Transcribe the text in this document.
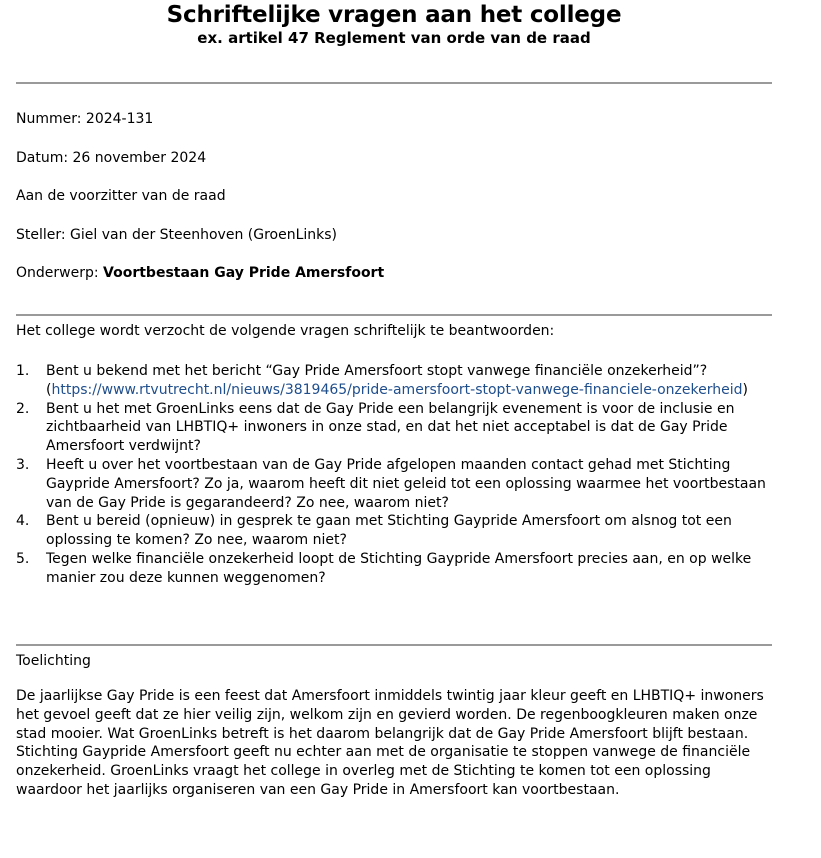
Schriftelijke vragen aan het college
ex. artikel 47 Reglement van orde van de raad
Nummer: 2024-131
Datum: 26 november 2024
Aan de voorzitter van de raad
Steller: Giel van der Steenhoven (GroenLinks)
Onderwerp: Voortbestaan Gay Pride Amersfoort
Het college wordt verzocht de volgende vragen schriftelijk te beantwoorden:
1. Bent u bekend met het bericht “Gay Pride Amersfoort stopt vanwege financiële onzekerheid”?
(https://www.rtvutrecht.nl/nieuws/3819465/pride-amersfoort-stopt-vanwege-financiele-onzekerheid)
2. Bent u het met GroenLinks eens dat de Gay Pride een belangrijk evenement is voor de inclusie en zichtbaarheid van LHBTIQ+ inwoners in onze stad, en dat het niet acceptabel is dat de Gay Pride Amersfoort verdwijnt?
3. Heeft u over het voortbestaan van de Gay Pride afgelopen maanden contact gehad met Stichting Gaypride Amersfoort? Zo ja, waarom heeft dit niet geleid tot een oplossing waarmee het voortbestaan van de Gay Pride is gegarandeerd? Zo nee, waarom niet?
4. Bent u bereid (opnieuw) in gesprek te gaan met Stichting Gaypride Amersfoort om alsnog tot een oplossing te komen? Zo nee, waarom niet?
5. Tegen welke financiële onzekerheid loopt de Stichting Gaypride Amersfoort precies aan, en op welke manier zou deze kunnen weggenomen?
Toelichting
De jaarlijkse Gay Pride is een feest dat Amersfoort inmiddels twintig jaar kleur geeft en LHBTIQ+ inwoners het gevoel geeft dat ze hier veilig zijn, welkom zijn en gevierd worden. De regenboogkleuren maken onze stad mooier. Wat GroenLinks betreft is het daarom belangrijk dat de Gay Pride Amersfoort blijft bestaan. Stichting Gaypride Amersfoort geeft nu echter aan met de organisatie te stoppen vanwege de financiële onzekerheid. GroenLinks vraagt het college in overleg met de Stichting te komen tot een oplossing waardoor het jaarlijks organiseren van een Gay Pride in Amersfoort kan voortbestaan.
